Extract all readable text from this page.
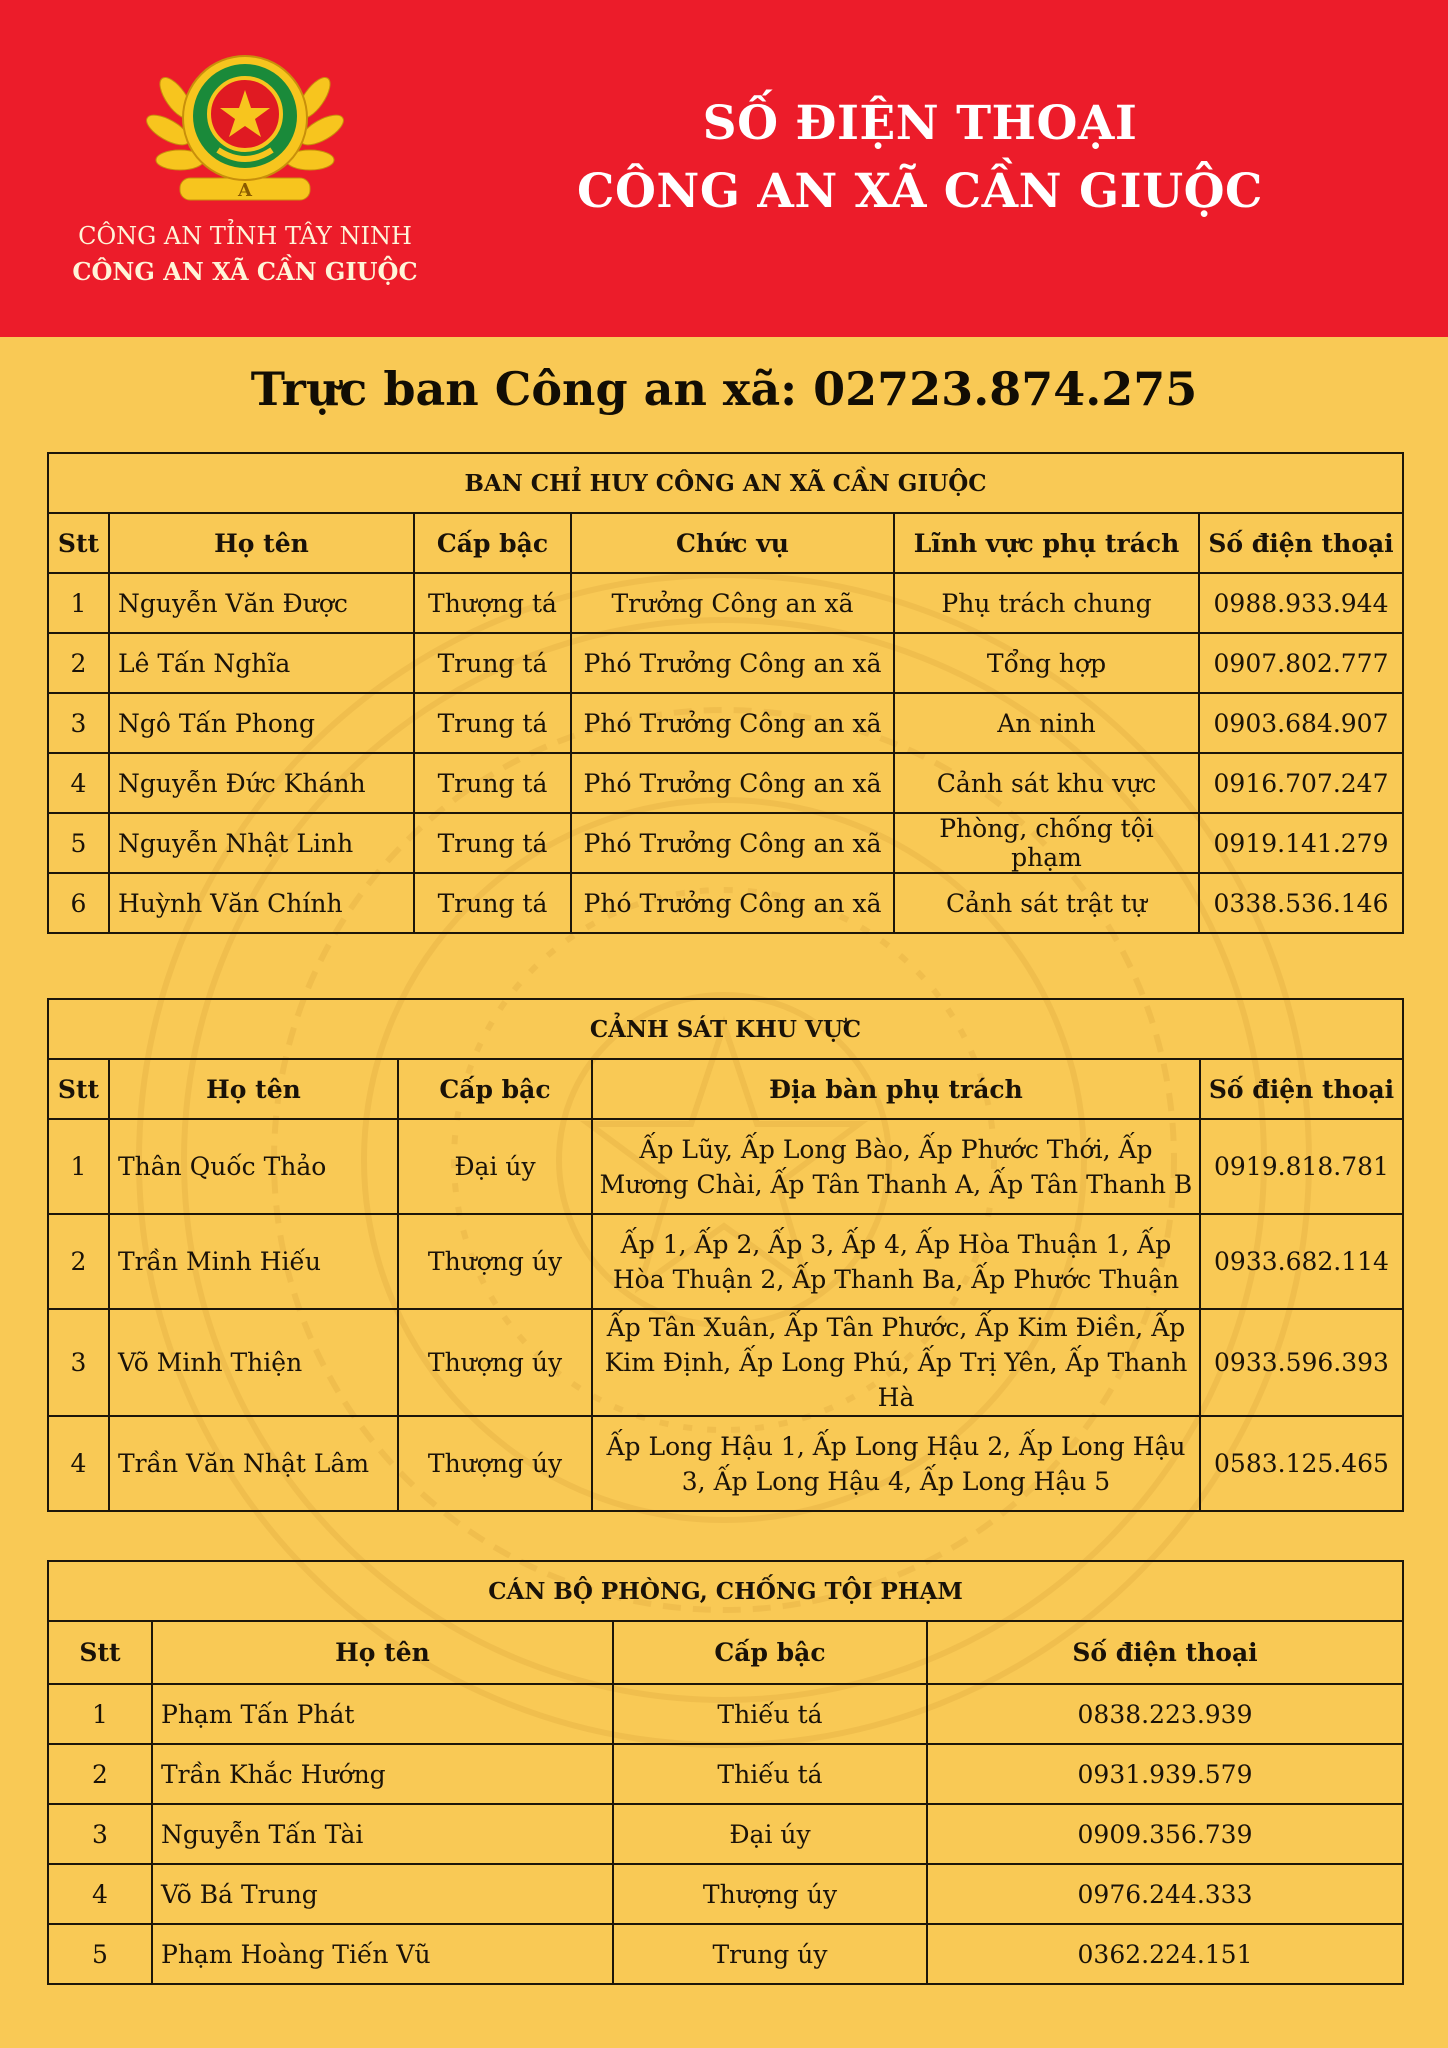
A
CÔNG AN TỈNH TÂY NINH
CÔNG AN XÃ CẦN GIUỘC
SỐ ĐIỆN THOẠI
CÔNG AN XÃ CẦN GIUỘC
Trực ban Công an xã: 02723.874.275
BAN CHỈ HUY CÔNG AN XÃ CẦN GIUỘC					
Stt	Họ tên	Cấp bậc	Chức vụ	Lĩnh vực phụ trách	Số điện thoại
1	Nguyễn Văn Được	Thượng tá	Trưởng Công an xã	Phụ trách chung	0988.933.944
2	Lê Tấn Nghĩa	Trung tá	Phó Trưởng Công an xã	Tổng hợp	0907.802.777
3	Ngô Tấn Phong	Trung tá	Phó Trưởng Công an xã	An ninh	0903.684.907
4	Nguyễn Đức Khánh	Trung tá	Phó Trưởng Công an xã	Cảnh sát khu vực	0916.707.247
5	Nguyễn Nhật Linh	Trung tá	Phó Trưởng Công an xã	Phòng, chống tội phạm	0919.141.279
6	Huỳnh Văn Chính	Trung tá	Phó Trưởng Công an xã	Cảnh sát trật tự	0338.536.146
CẢNH SÁT KHU VỰC				
Stt	Họ tên	Cấp bậc	Địa bàn phụ trách	Số điện thoại
1	Thân Quốc Thảo	Đại úy	Ấp Lũy, Ấp Long Bào, Ấp Phước Thới, Ấp Mương Chài, Ấp Tân Thanh A, Ấp Tân Thanh B	0919.818.781
2	Trần Minh Hiếu	Thượng úy	Ấp 1, Ấp 2, Ấp 3, Ấp 4, Ấp Hòa Thuận 1, Ấp Hòa Thuận 2, Ấp Thanh Ba, Ấp Phước Thuận	0933.682.114
3	Võ Minh Thiện	Thượng úy	Ấp Tân Xuân, Ấp Tân Phước, Ấp Kim Điền, Ấp Kim Định, Ấp Long Phú, Ấp Trị Yên, Ấp Thanh Hà	0933.596.393
4	Trần Văn Nhật Lâm	Thượng úy	Ấp Long Hậu 1, Ấp Long Hậu 2, Ấp Long Hậu 3, Ấp Long Hậu 4, Ấp Long Hậu 5	0583.125.465
CÁN BỘ PHÒNG, CHỐNG TỘI PHẠM			
Stt	Họ tên	Cấp bậc	Số điện thoại
1	Phạm Tấn Phát	Thiếu tá	0838.223.939
2	Trần Khắc Hướng	Thiếu tá	0931.939.579
3	Nguyễn Tấn Tài	Đại úy	0909.356.739
4	Võ Bá Trung	Thượng úy	0976.244.333
5	Phạm Hoàng Tiến Vũ	Trung úy	0362.224.151
